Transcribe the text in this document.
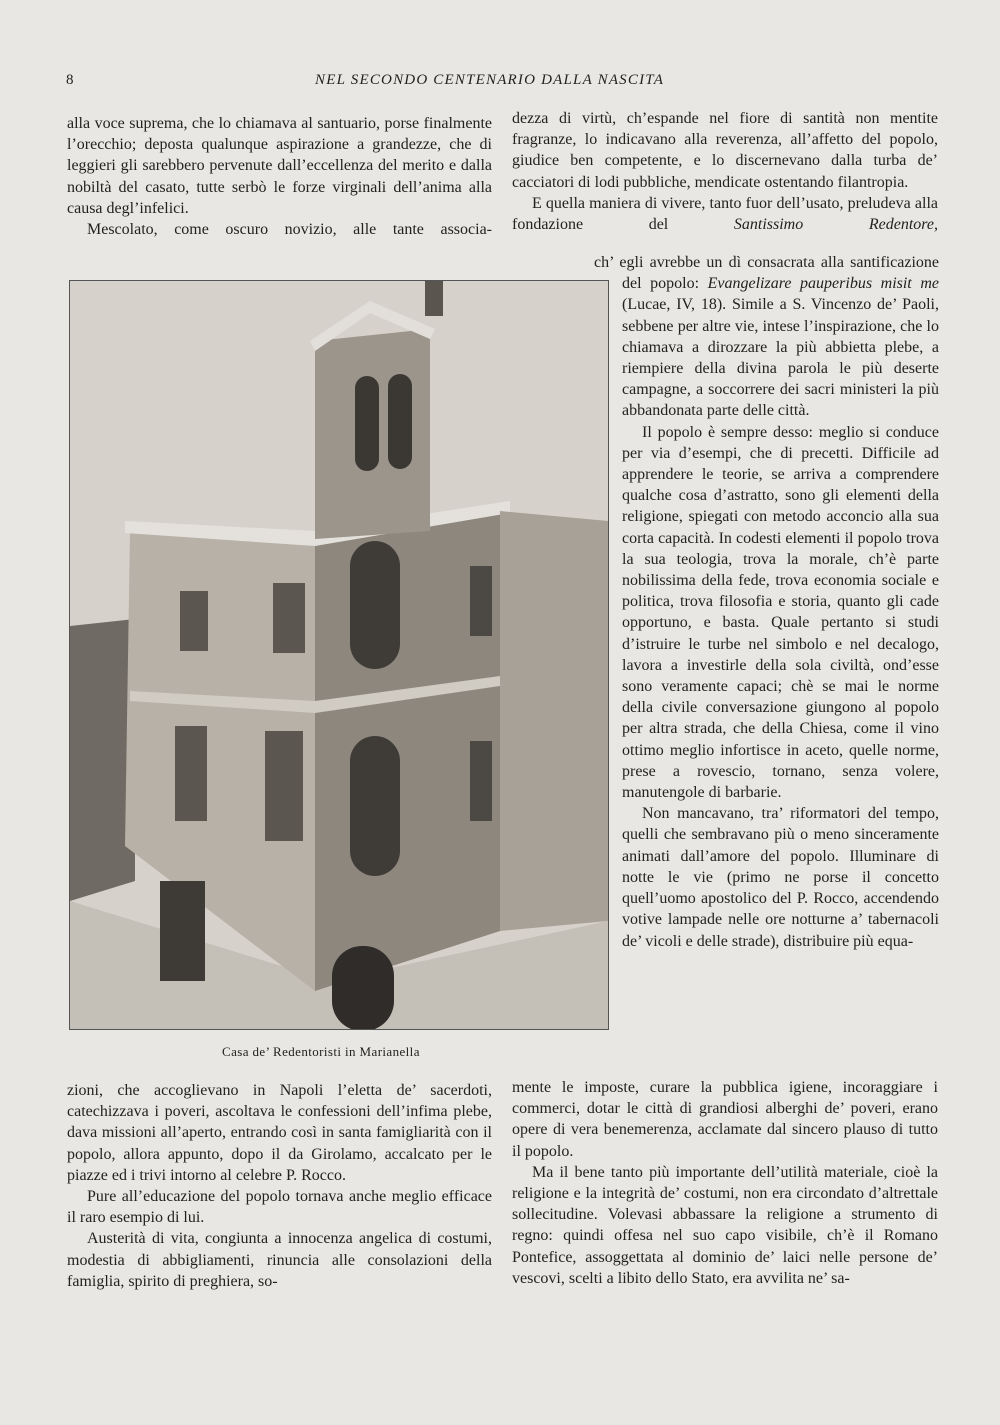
8	NEL SECONDO CENTENARIO DALLA NASCITA

alla voce suprema, che lo chiamava al santuario, porse finalmente l’orecchio; deposta qualunque aspirazione a grandezze, che di leggieri gli sarebbero pervenute dall’eccellenza del merito e dalla nobiltà del casato, tutte serbò le forze virginali dell’anima alla causa degl’infelici.

Mescolato, come oscuro novizio, alle tante associa-

dezza di virtù, ch’espande nel fiore di santità non mentite fragranze, lo indicavano alla reverenza, all’affetto del popolo, giudice ben competente, e lo discernevano dalla turba de’ cacciatori di lodi pubbliche, mendicate ostentando filantropia.

E quella maniera di vivere, tanto fuor dell’usato, preludeva alla fondazione del	Santissimo Redentore,

Casa de’ Redentoristi in Marianella

ch’ egli avrebbe un dì consacrata alla santificazione del popolo: Evangelizare pauperibus misit me (Lucae, IV, 18). Simile a S. Vincenzo de’ Paoli, sebbene per altre vie, intese l’inspirazione, che lo chiamava a dirozzare la più abbietta plebe, a riempiere della divina parola le più deserte campagne, a soccorrere dei sacri ministeri la più abbandonata parte delle città.

Il popolo è sempre desso: meglio si conduce per via d’esempi, che di precetti. Difficile ad apprendere le teorie, se arriva a comprendere qualche cosa d’astratto, sono gli elementi della religione, spiegati con metodo acconcio alla sua corta capacità. In codesti elementi il popolo trova la sua teologia, trova la morale, ch’è parte nobilissima della fede, trova economia sociale e politica, trova filosofia e storia, quanto gli cade opportuno, e basta. Quale pertanto si studi d’istruire le turbe nel simbolo e nel decalogo, lavora a investirle della sola civiltà, ond’esse sono veramente capaci; chè se mai le norme della civile conversazione giungono al popolo per altra strada, che della Chiesa, come il vino ottimo meglio infortisce in aceto, quelle norme, prese a rovescio, tornano, senza volere, manutengole di barbarie.

Non mancavano, tra’ riformatori del tempo, quelli che sembravano più o meno sinceramente animati dall’amore del popolo. Illuminare di notte le vie (primo ne porse il concetto quell’uomo apostolico del P. Rocco, accendendo votive lampade nelle ore notturne a’ tabernacoli de’ vicoli e delle strade), distribuire più equa-

mente le imposte, curare la pubblica igiene, incoraggiare i commerci, dotar le città di grandiosi alberghi de’ poveri, erano opere di vera benemerenza, acclamate dal sincero plauso di tutto il popolo.

Ma il bene tanto più importante dell’utilità materiale, cioè la religione e la integrità de’ costumi, non era circondato d’altrettale sollecitudine. Volevasi abbassare la religione a strumento di regno: quindi offesa nel suo capo visibile, ch’è il Romano Pontefice, assoggettata al dominio de’ laici nelle persone de’ vescovi, scelti a libito dello Stato, era avvilita ne’ sa-

zioni, che accoglievano in Napoli l’eletta de’ sacerdoti, catechizzava i poveri, ascoltava le confessioni dell’infima plebe, dava missioni all’aperto, entrando così in santa famigliarità con il popolo, allora appunto, dopo il da Girolamo, accalcato per le piazze ed i trivi intorno al celebre P. Rocco.

Pure all’educazione del popolo tornava anche meglio efficace il raro esempio di lui.

Austerità di vita, congiunta a innocenza angelica di costumi, modestia di abbigliamenti, rinuncia alle consolazioni della famiglia, spirito di preghiera, so-
